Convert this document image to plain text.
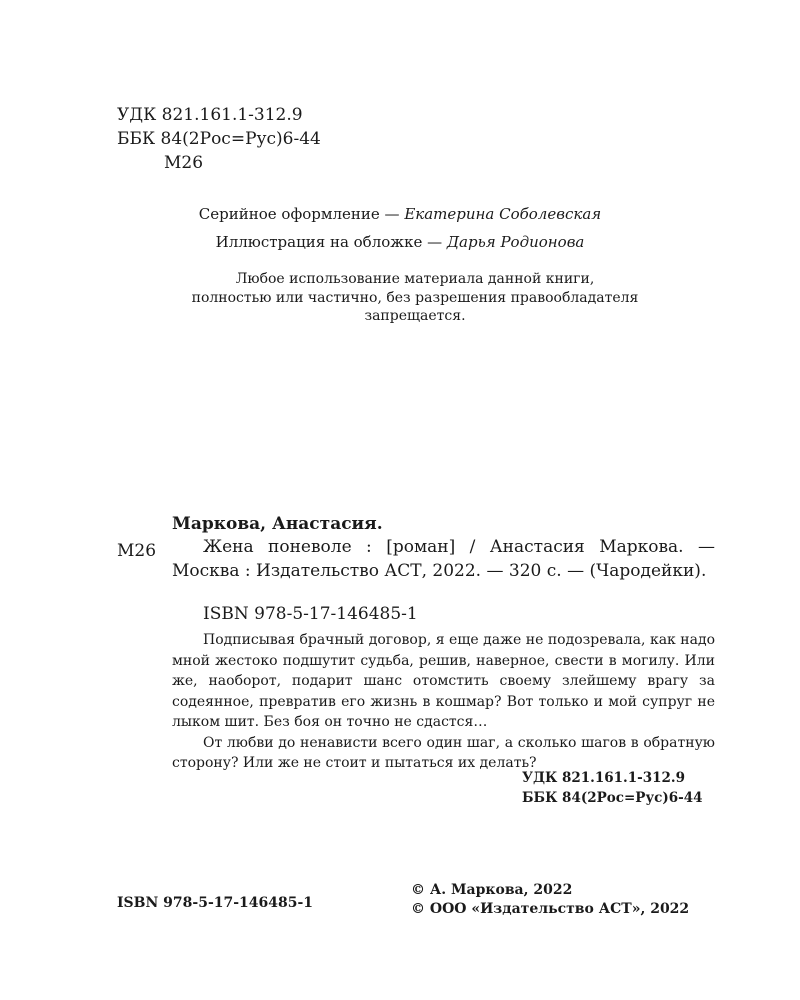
УДК 821.161.1-312.9
ББК 84(2Рос=Рус)6-44
М26
Серийное оформление — Екатерина Соболевская
Иллюстрация на обложке — Дарья Родионова
Любое использование материала данной книги,
полностью или частично, без разрешения правообладателя
запрещается.
Маркова, Анастасия.
М26	Жена поневоле : [роман] / Анастасия Маркова. — Москва : Издательство АСТ, 2022. — 320 с. — (Чародейки).
ISBN 978-5-17-146485-1

Подписывая брачный договор, я еще даже не подозревала, как надо мной жестоко подшутит судьба, решив, наверное, свести в могилу. Или же, наоборот, подарит шанс отомстить своему злейшему врагу за содеянное, превратив его жизнь в кошмар? Вот только и мой супруг не лыком шит. Без боя он точно не сдастся…

От любви до ненависти всего один шаг, а сколько шагов в обратную сторону? Или же не стоит и пытаться их делать?

УДК 821.161.1-312.9
ББК 84(2Рос=Рус)6-44
ISBN 978-5-17-146485-1
© А. Маркова, 2022
© ООО «Издательство АСТ», 2022
